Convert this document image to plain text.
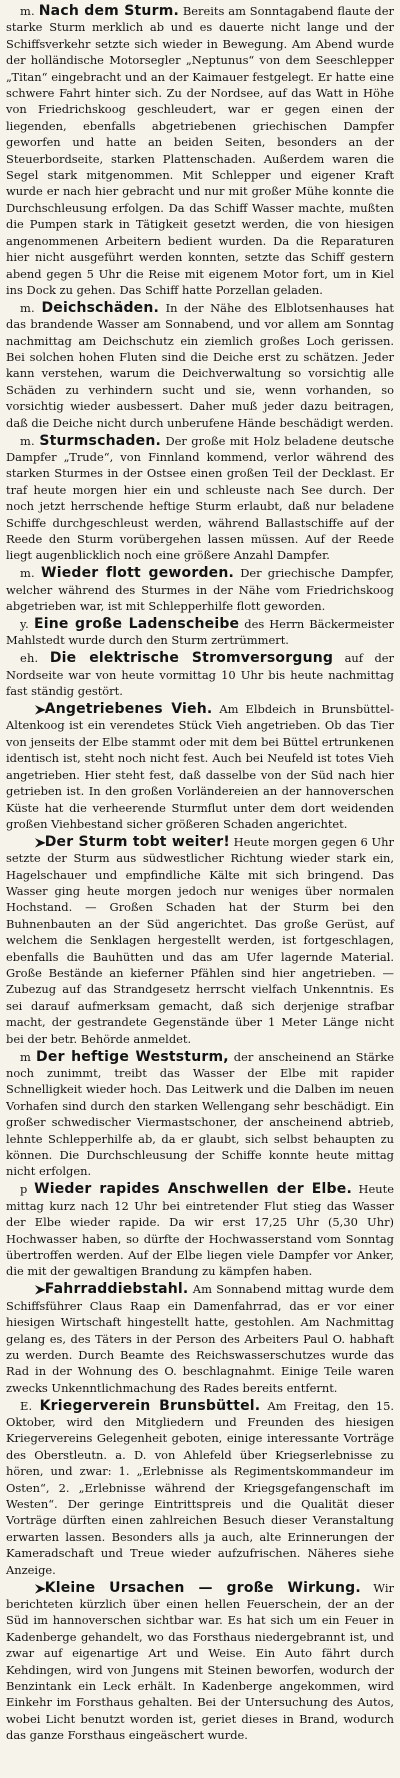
m. Nach dem Sturm. Bereits am Sonntagabend flaute der starke Sturm merklich ab und es dauerte nicht lange und der Schiffsverkehr setzte sich wieder in Bewegung. Am Abend wurde der holländische Motorsegler „Neptunus“ von dem Seeschlepper „Titan“ eingebracht und an der Kaimauer festgelegt. Er hatte eine schwere Fahrt hinter sich. Zu der Nordsee, auf das Watt in Höhe von Friedrichskoog geschleudert, war er gegen einen der liegenden, ebenfalls abgetriebenen griechischen Dampfer geworfen und hatte an beiden Seiten, besonders an der Steuerbordseite, starken Plattenschaden. Außerdem waren die Segel stark mitgenommen. Mit Schlepper und eigener Kraft wurde er nach hier gebracht und nur mit großer Mühe konnte die Durchschleusung erfolgen. Da das Schiff Wasser machte, mußten die Pumpen stark in Tätigkeit gesetzt werden, die von hiesigen angenommenen Arbeitern bedient wurden. Da die Reparaturen hier nicht ausgeführt werden konnten, setzte das Schiff gestern abend gegen 5 Uhr die Reise mit eigenem Motor fort, um in Kiel ins Dock zu gehen. Das Schiff hatte Porzellan geladen.

m. Deichschäden. In der Nähe des Elblotsenhauses hat das brandende Wasser am Sonnabend, und vor allem am Sonntag nachmittag am Deichschutz ein ziemlich großes Loch gerissen. Bei solchen hohen Fluten sind die Deiche erst zu schätzen. Jeder kann verstehen, warum die Deichverwaltung so vorsichtig alle Schäden zu verhindern sucht und sie, wenn vorhanden, so vorsichtig wieder ausbessert. Daher muß jeder dazu beitragen, daß die Deiche nicht durch unberufene Hände beschädigt werden.

m. Sturmschaden. Der große mit Holz beladene deutsche Dampfer „Trude“, von Finnland kommend, verlor während des starken Sturmes in der Ostsee einen großen Teil der Decklast. Er traf heute morgen hier ein und schleuste nach See durch. Der noch jetzt herrschende heftige Sturm erlaubt, daß nur beladene Schiffe durchgeschleust werden, während Ballastschiffe auf der Reede den Sturm vorübergehen lassen müssen. Auf der Reede liegt augenblicklich noch eine größere Anzahl Dampfer.

m. Wieder flott geworden. Der griechische Dampfer, welcher während des Sturmes in der Nähe vom Friedrichskoog abgetrieben war, ist mit Schlepperhilfe flott geworden.

y. Eine große Ladenscheibe des Herrn Bäckermeister Mahlstedt wurde durch den Sturm zertrümmert.

eh. Die elektrische Stromversorgung auf der Nordseite war von heute vormittag 10 Uhr bis heute nachmittag fast ständig gestört.

⮞Angetriebenes Vieh. Am Elbdeich in Brunsbüttel-Altenkoog ist ein verendetes Stück Vieh angetrieben. Ob das Tier von jenseits der Elbe stammt oder mit dem bei Büttel ertrunkenen identisch ist, steht noch nicht fest. Auch bei Neufeld ist totes Vieh angetrieben. Hier steht fest, daß dasselbe von der Süd nach hier getrieben ist. In den großen Vorländereien an der hannoverschen Küste hat die verheerende Sturmflut unter dem dort weidenden großen Viehbestand sicher größeren Schaden angerichtet.

⮞Der Sturm tobt weiter! Heute morgen gegen 6 Uhr setzte der Sturm aus südwestlicher Richtung wieder stark ein, Hagelschauer und empfindliche Kälte mit sich bringend. Das Wasser ging heute morgen jedoch nur weniges über normalen Hochstand. — Großen Schaden hat der Sturm bei den Buhnenbauten an der Süd angerichtet. Das große Gerüst, auf welchem die Senklagen hergestellt werden, ist fortgeschlagen, ebenfalls die Bauhütten und das am Ufer lagernde Material. Große Bestände an kieferner Pfählen sind hier angetrieben. — Zubezug auf das Strandgesetz herrscht vielfach Unkenntnis. Es sei darauf aufmerksam gemacht, daß sich derjenige strafbar macht, der gestrandete Gegenstände über 1 Meter Länge nicht bei der betr. Behörde anmeldet.

m Der heftige Weststurm, der anscheinend an Stärke noch zunimmt, treibt das Wasser der Elbe mit rapider Schnelligkeit wieder hoch. Das Leitwerk und die Dalben im neuen Vorhafen sind durch den starken Wellengang sehr beschädigt. Ein großer schwedischer Viermastschoner, der anscheinend abtrieb, lehnte Schlepperhilfe ab, da er glaubt, sich selbst behaupten zu können. Die Durchschleusung der Schiffe konnte heute mittag nicht erfolgen.

p Wieder rapides Anschwellen der Elbe. Heute mittag kurz nach 12 Uhr bei eintretender Flut stieg das Wasser der Elbe wieder rapide. Da wir erst 17,25 Uhr (5,30 Uhr) Hochwasser haben, so dürfte der Hochwasserstand vom Sonntag übertroffen werden. Auf der Elbe liegen viele Dampfer vor Anker, die mit der gewaltigen Brandung zu kämpfen haben.

⮞Fahrraddiebstahl. Am Sonnabend mittag wurde dem Schiffsführer Claus Raap ein Damenfahrrad, das er vor einer hiesigen Wirtschaft hingestellt hatte, gestohlen. Am Nachmittag gelang es, des Täters in der Person des Arbeiters Paul O. habhaft zu werden. Durch Beamte des Reichswasserschutzes wurde das Rad in der Wohnung des O. beschlagnahmt. Einige Teile waren zwecks Unkenntlichmachung des Rades bereits entfernt.

E. Kriegerverein Brunsbüttel. Am Freitag, den 15. Oktober, wird den Mitgliedern und Freunden des hiesigen Kriegervereins Gelegenheit geboten, einige interessante Vorträge des Oberstleutn. a. D. von Ahlefeld über Kriegserlebnisse zu hören, und zwar: 1. „Erlebnisse als Regimentskommandeur im Osten“, 2. „Erlebnisse während der Kriegsgefangenschaft im Westen“. Der geringe Eintrittspreis und die Qualität dieser Vorträge dürften einen zahlreichen Besuch dieser Veranstaltung erwarten lassen. Besonders alls ja auch, alte Erinnerungen der Kameradschaft und Treue wieder aufzufrischen. Näheres siehe Anzeige.

⮞Kleine Ursachen — große Wirkung. Wir berichteten kürzlich über einen hellen Feuerschein, der an der Süd im hannoverschen sichtbar war. Es hat sich um ein Feuer in Kadenberge gehandelt, wo das Forsthaus niedergebrannt ist, und zwar auf eigenartige Art und Weise. Ein Auto fährt durch Kehdingen, wird von Jungens mit Steinen beworfen, wodurch der Benzintank ein Leck erhält. In Kadenberge angekommen, wird Einkehr im Forsthaus gehalten. Bei der Untersuchung des Autos, wobei Licht benutzt worden ist, geriet dieses in Brand, wodurch das ganze Forsthaus eingeäschert wurde.
